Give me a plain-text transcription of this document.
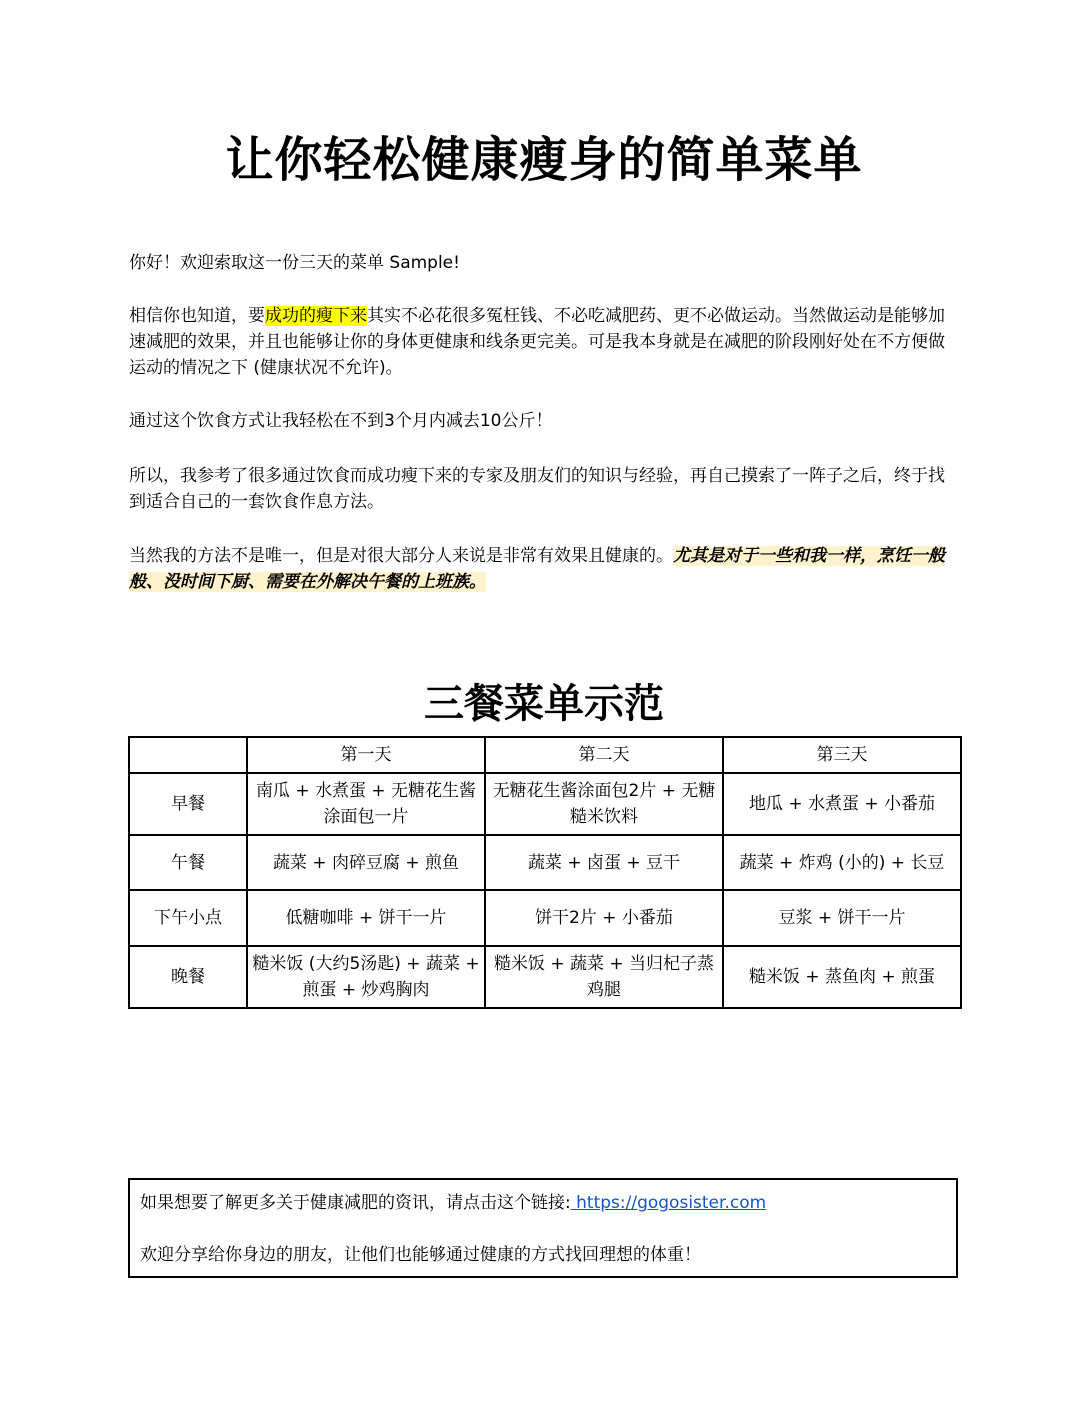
让你轻松健康瘦身的简单菜单

你好！欢迎索取这一份三天的菜单 Sample!

相信你也知道，要成功的瘦下来其实不必花很多冤枉钱、不必吃减肥药、更不必做运动。当然做运动是能够加速减肥的效果，并且也能够让你的身体更健康和线条更完美。可是我本身就是在减肥的阶段刚好处在不方便做运动的情况之下 (健康状况不允许)。

通过这个饮食方式让我轻松在不到3个月内减去10公斤！

所以，我参考了很多通过饮食而成功瘦下来的专家及朋友们的知识与经验，再自己摸索了一阵子之后，终于找到适合自己的一套饮食作息方法。

当然我的方法不是唯一，但是对很大部分人来说是非常有效果且健康的。尤其是对于一些和我一样，烹饪一般般、没时间下厨、需要在外解决午餐的上班族。

三餐菜单示范
	第一天	第二天	第三天
早餐	南瓜 + 水煮蛋 + 无糖花生酱涂面包一片	无糖花生酱涂面包2片 + 无糖糙米饮料	地瓜 + 水煮蛋 + 小番茄
午餐	蔬菜 + 肉碎豆腐 + 煎鱼	蔬菜 + 卤蛋 + 豆干	蔬菜 + 炸鸡 (小的) + 长豆
下午小点	低糖咖啡 + 饼干一片	饼干2片 + 小番茄	豆浆 + 饼干一片
晚餐	糙米饭 (大约5汤匙) + 蔬菜 + 煎蛋 + 炒鸡胸肉	糙米饭 + 蔬菜 + 当归杞子蒸鸡腿	糙米饭 + 蒸鱼肉 + 煎蛋
如果想要了解更多关于健康减肥的资讯，请点击这个链接: https://gogosister.com
欢迎分享给你身边的朋友，让他们也能够通过健康的方式找回理想的体重！
